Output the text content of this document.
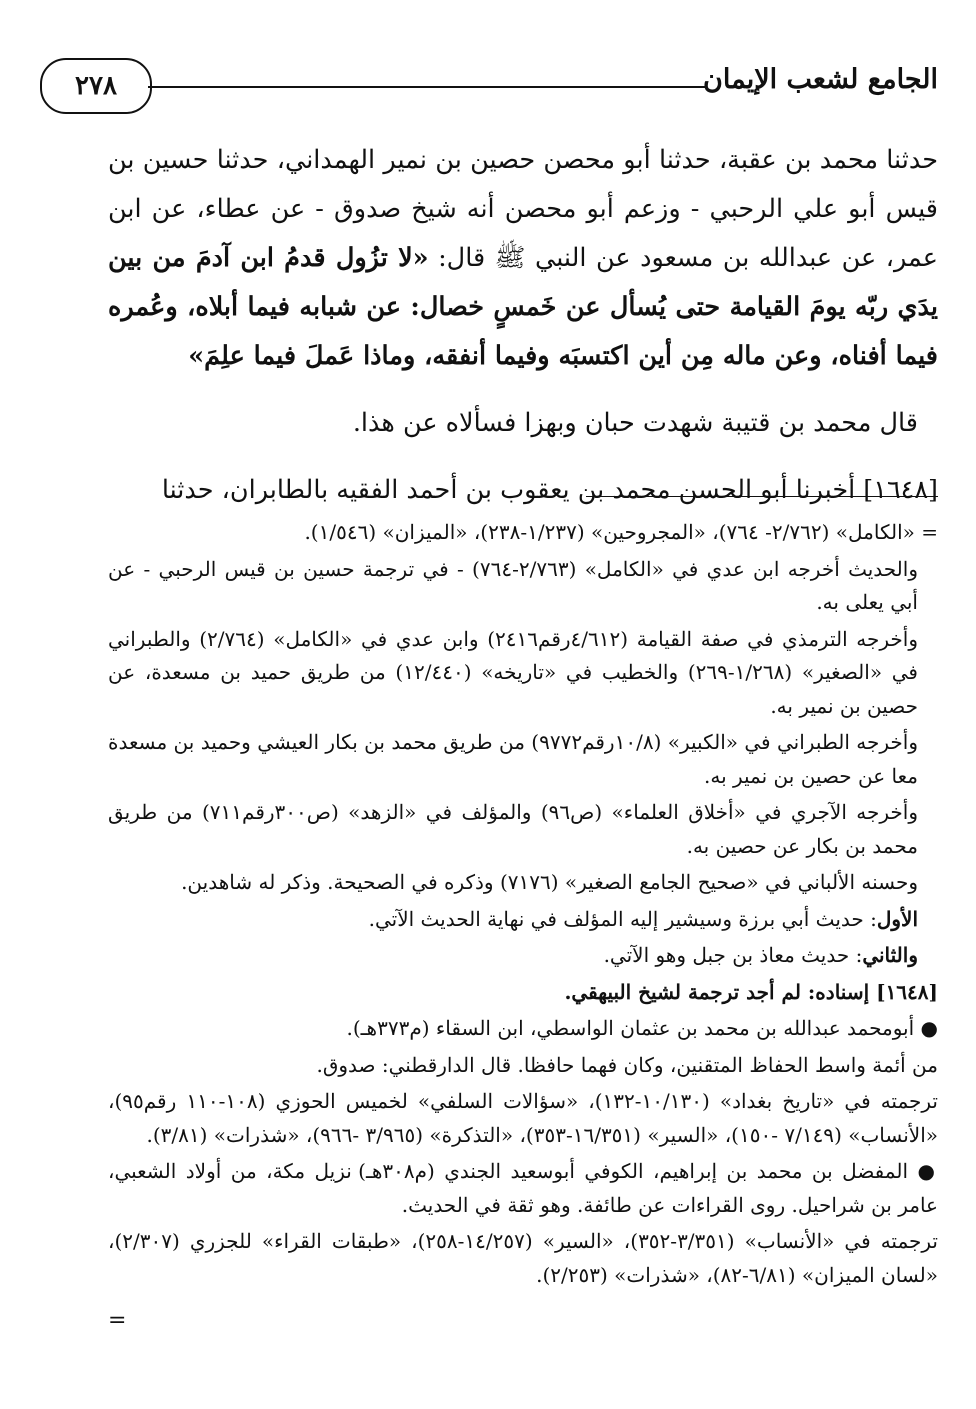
٢٧٨	الجامع لشعب الإيمان

حدثنا محمد بن عقبة، حدثنا أبو محصن حصين بن نمير الهمداني، حدثنا حسين بن قيس أبو علي الرحبي - وزعم أبو محصن أنه شيخ صدوق - عن عطاء، عن ابن عمر، عن عبدالله بن مسعود عن النبي ﷺ قال: «لا تزُول قدمُ ابن آدمَ من بين يدَي ربّه يومَ القيامة حتى يُسأل عن خَمسٍ خصال: عن شبابه فيما أبلاه، وعُمره فيما أفناه، وعن ماله مِن أين اكتسبَه وفيما أنفقه، وماذا عَملَ فيما علِمَ»

قال محمد بن قتيبة شهدت حبان وبهزا فسألاه عن هذا.

[١٦٤٨] أخبرنا أبو الحسن محمد بن يعقوب بن أحمد الفقيه بالطابران، حدثنا

= «الكامل» (٢/٧٦٢- ٧٦٤)، «المجروحين» (١/٢٣٧-٢٣٨)، «الميزان» (١/٥٤٦).

والحديث أخرجه ابن عدي في «الكامل» (٢/٧٦٣-٧٦٤) - في ترجمة حسين بن قيس الرحبي - عن أبي يعلى به.

وأخرجه الترمذي في صفة القيامة (٤/٦١٢رقم٢٤١٦) وابن عدي في «الكامل» (٢/٧٦٤) والطبراني في «الصغير» (١/٢٦٨-٢٦٩) والخطيب في «تاريخه» (١٢/٤٤٠) من طريق حميد بن مسعدة، عن حصين بن نمير به.

وأخرجه الطبراني في «الكبير» (١٠/٨رقم٩٧٧٢) من طريق محمد بن بكار العيشي وحميد بن مسعدة معا عن حصين بن نمير به.

وأخرجه الآجري في «أخلاق العلماء» (ص٩٦) والمؤلف في «الزهد» (ص٣٠٠رقم٧١١) من طريق محمد بن بكار عن حصين به.

وحسنه الألباني في «صحيح الجامع الصغير» (٧١٧٦) وذكره في الصحيحة. وذكر له شاهدين.

الأول: حديث أبي برزة وسيشير إليه المؤلف في نهاية الحديث الآتي.

والثاني: حديث معاذ بن جبل وهو الآتي.

[١٦٤٨] إسناده: لم أجد ترجمة لشيخ البيهقي.

● أبومحمد عبدالله بن محمد بن عثمان الواسطي، ابن السقاء (م٣٧٣هـ).

من أئمة واسط الحفاظ المتقنين، وكان فهما حافظا. قال الدارقطني: صدوق.

ترجمته في «تاريخ بغداد» (١٠/١٣٠-١٣٢)، «سؤالات السلفي» لخميس الحوزي (١٠٨-١١٠ رقم٩٥)، «الأنساب» (٧/١٤٩ -١٥٠)، «السير» (١٦/٣٥١-٣٥٣)، «التذكرة» (٣/٩٦٥ -٩٦٦)، «شذرات» (٣/٨١).

● المفضل بن محمد بن إبراهيم، الكوفي أبوسعيد الجندي (م٣٠٨هـ) نزيل مكة، من أولاد الشعبي، عامر بن شراحيل. روى القراءات عن طائفة. وهو ثقة في الحديث.

ترجمته في «الأنساب» (٣/٣٥١-٣٥٢)، «السير» (١٤/٢٥٧-٢٥٨)، «طبقات القراء» للجزري (٢/٣٠٧)، «لسان الميزان» (٦/٨١-٨٢)، «شذرات» (٢/٢٥٣).

=
